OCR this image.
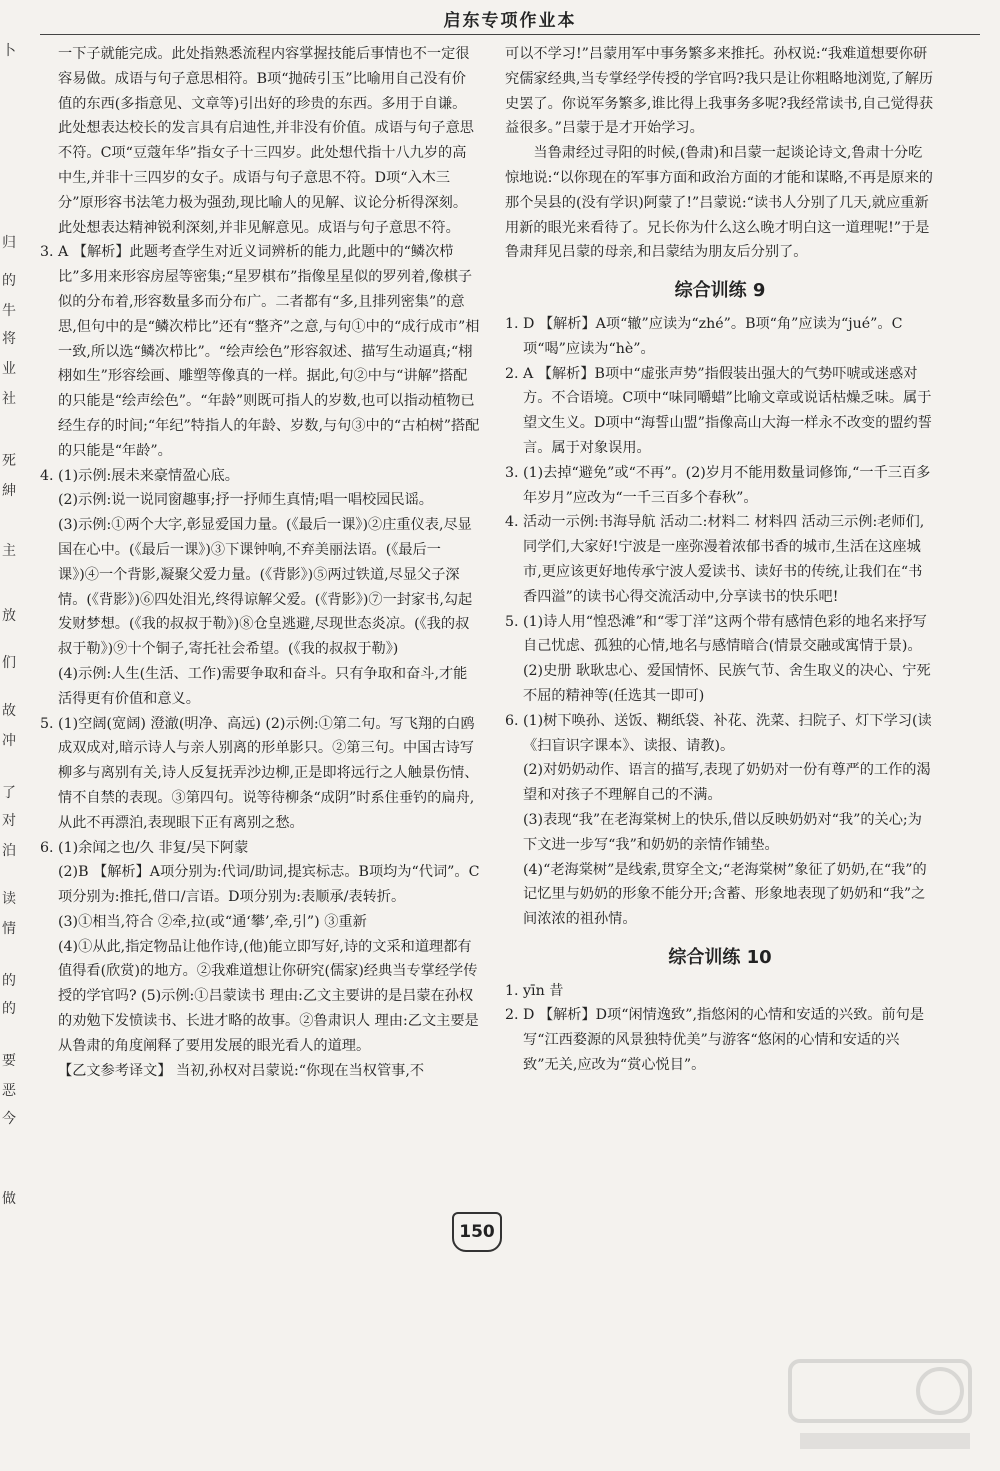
启东专项作业本
卜
归
的
牛
将
业
社
死
紳
主
放
们
故
冲
了
对
泊
读
情
的
的
要
恶
今
做

一下子就能完成。此处指熟悉流程内容掌握技能后事情也不一定很容易做。成语与句子意思相符。B项“抛砖引玉”比喻用自己没有价值的东西(多指意见、文章等)引出好的珍贵的东西。多用于自谦。此处想表达校长的发言具有启迪性,并非没有价值。成语与句子意思不符。C项“豆蔻年华”指女子十三四岁。此处想代指十八九岁的高中生,并非十三四岁的女子。成语与句子意思不符。D项“入木三分”原形容书法笔力极为强劲,现比喻人的见解、议论分析得深刻。此处想表达精神锐利深刻,并非见解意见。成语与句子意思不符。

3. A 【解析】此题考查学生对近义词辨析的能力,此题中的“鳞次栉比”多用来形容房屋等密集;“星罗棋布”指像星星似的罗列着,像棋子似的分布着,形容数量多而分布广。二者都有“多,且排列密集”的意思,但句中的是“鳞次栉比”还有“整齐”之意,与句①中的“成行成市”相一致,所以选“鳞次栉比”。“绘声绘色”形容叙述、描写生动逼真;“栩栩如生”形容绘画、雕塑等像真的一样。据此,句②中与“讲解”搭配的只能是“绘声绘色”。“年龄”则既可指人的岁数,也可以指动植物已经生存的时间;“年纪”特指人的年龄、岁数,与句③中的“古柏树”搭配的只能是“年龄”。

4. (1)示例:展未来豪情盈心底。

(2)示例:说一说同窗趣事;抒一抒师生真情;唱一唱校园民谣。

(3)示例:①两个大字,彰显爱国力量。(《最后一课》)②庄重仪表,尽显国在心中。(《最后一课》)③下课钟响,不弃美丽法语。(《最后一课》)④一个背影,凝聚父爱力量。(《背影》)⑤两过铁道,尽显父子深情。(《背影》)⑥四处泪光,终得谅解父爱。(《背影》)⑦一封家书,勾起发财梦想。(《我的叔叔于勒》)⑧仓皇逃避,尽现世态炎凉。(《我的叔叔于勒》)⑨十个铜子,寄托社会希望。(《我的叔叔于勒》)

(4)示例:人生(生活、工作)需要争取和奋斗。只有争取和奋斗,才能活得更有价值和意义。

5. (1)空阔(宽阔) 澄澈(明净、高远) (2)示例:①第二句。写飞翔的白鸥成双成对,暗示诗人与亲人别离的形单影只。②第三句。中国古诗写柳多与离别有关,诗人反复抚弄沙边柳,正是即将远行之人触景伤情、情不自禁的表现。③第四句。说等待柳条“成阴”时系住垂钓的扁舟,从此不再漂泊,表现眼下正有离别之愁。

6. (1)余闻之也/久 非复/吴下阿蒙

(2)B 【解析】A项分别为:代词/助词,提宾标志。B项均为“代词”。C项分别为:推托,借口/言语。D项分别为:表顺承/表转折。

(3)①相当,符合 ②牵,拉(或“通‘攀’,牵,引”) ③重新

(4)①从此,指定物品让他作诗,(他)能立即写好,诗的文采和道理都有值得看(欣赏)的地方。②我难道想让你研究(儒家)经典当专掌经学传授的学官吗? (5)示例:①吕蒙读书 理由:乙文主要讲的是吕蒙在孙权的劝勉下发愤读书、长进才略的故事。②鲁肃识人 理由:乙文主要是从鲁肃的角度阐释了要用发展的眼光看人的道理。

【乙文参考译文】 当初,孙权对吕蒙说:“你现在当权管事,不

可以不学习!”吕蒙用军中事务繁多来推托。孙权说:“我难道想要你研究儒家经典,当专掌经学传授的学官吗?我只是让你粗略地浏览,了解历史罢了。你说军务繁多,谁比得上我事务多呢?我经常读书,自己觉得获益很多。”吕蒙于是才开始学习。

当鲁肃经过寻阳的时候,(鲁肃)和吕蒙一起谈论诗文,鲁肃十分吃惊地说:“以你现在的军事方面和政治方面的才能和谋略,不再是原来的那个吴县的(没有学识)阿蒙了!”吕蒙说:“读书人分别了几天,就应重新用新的眼光来看待了。兄长你为什么这么晚才明白这一道理呢!”于是鲁肃拜见吕蒙的母亲,和吕蒙结为朋友后分别了。

综合训练 9

1. D 【解析】A项“辙”应读为“zhé”。B项“角”应读为“jué”。C项“喝”应读为“hè”。

2. A 【解析】B项中“虚张声势”指假装出强大的气势吓唬或迷惑对方。不合语境。C项中“味同嚼蜡”比喻文章或说话枯燥乏味。属于望文生义。D项中“海誓山盟”指像高山大海一样永不改变的盟约誓言。属于对象误用。

3. (1)去掉“避免”或“不再”。(2)岁月不能用数量词修饰,“一千三百多年岁月”应改为“一千三百多个春秋”。

4. 活动一示例:书海导航 活动二:材料二 材料四 活动三示例:老师们,同学们,大家好!宁波是一座弥漫着浓郁书香的城市,生活在这座城市,更应该更好地传承宁波人爱读书、读好书的传统,让我们在“书香四溢”的读书心得交流活动中,分享读书的快乐吧!

5. (1)诗人用“惶恐滩”和“零丁洋”这两个带有感情色彩的地名来抒写自己忧虑、孤独的心情,地名与感情暗合(情景交融或寓情于景)。

(2)史册 耿耿忠心、爱国情怀、民族气节、舍生取义的决心、宁死不屈的精神等(任选其一即可)

6. (1)树下唤孙、送饭、糊纸袋、补花、洗菜、扫院子、灯下学习(读《扫盲识字课本》、读报、请教)。

(2)对奶奶动作、语言的描写,表现了奶奶对一份有尊严的工作的渴望和对孩子不理解自己的不满。

(3)表现“我”在老海棠树上的快乐,借以反映奶奶对“我”的关心;为下文进一步写“我”和奶奶的亲情作铺垫。

(4)“老海棠树”是线索,贯穿全文;“老海棠树”象征了奶奶,在“我”的记忆里与奶奶的形象不能分开;含蓄、形象地表现了奶奶和“我”之间浓浓的祖孙情。

综合训练 10

1. yīn 昔

2. D 【解析】D项“闲情逸致”,指悠闲的心情和安适的兴致。前句是写“江西婺源的风景独特优美”与游客“悠闲的心情和安适的兴致”无关,应改为“赏心悦目”。

150
